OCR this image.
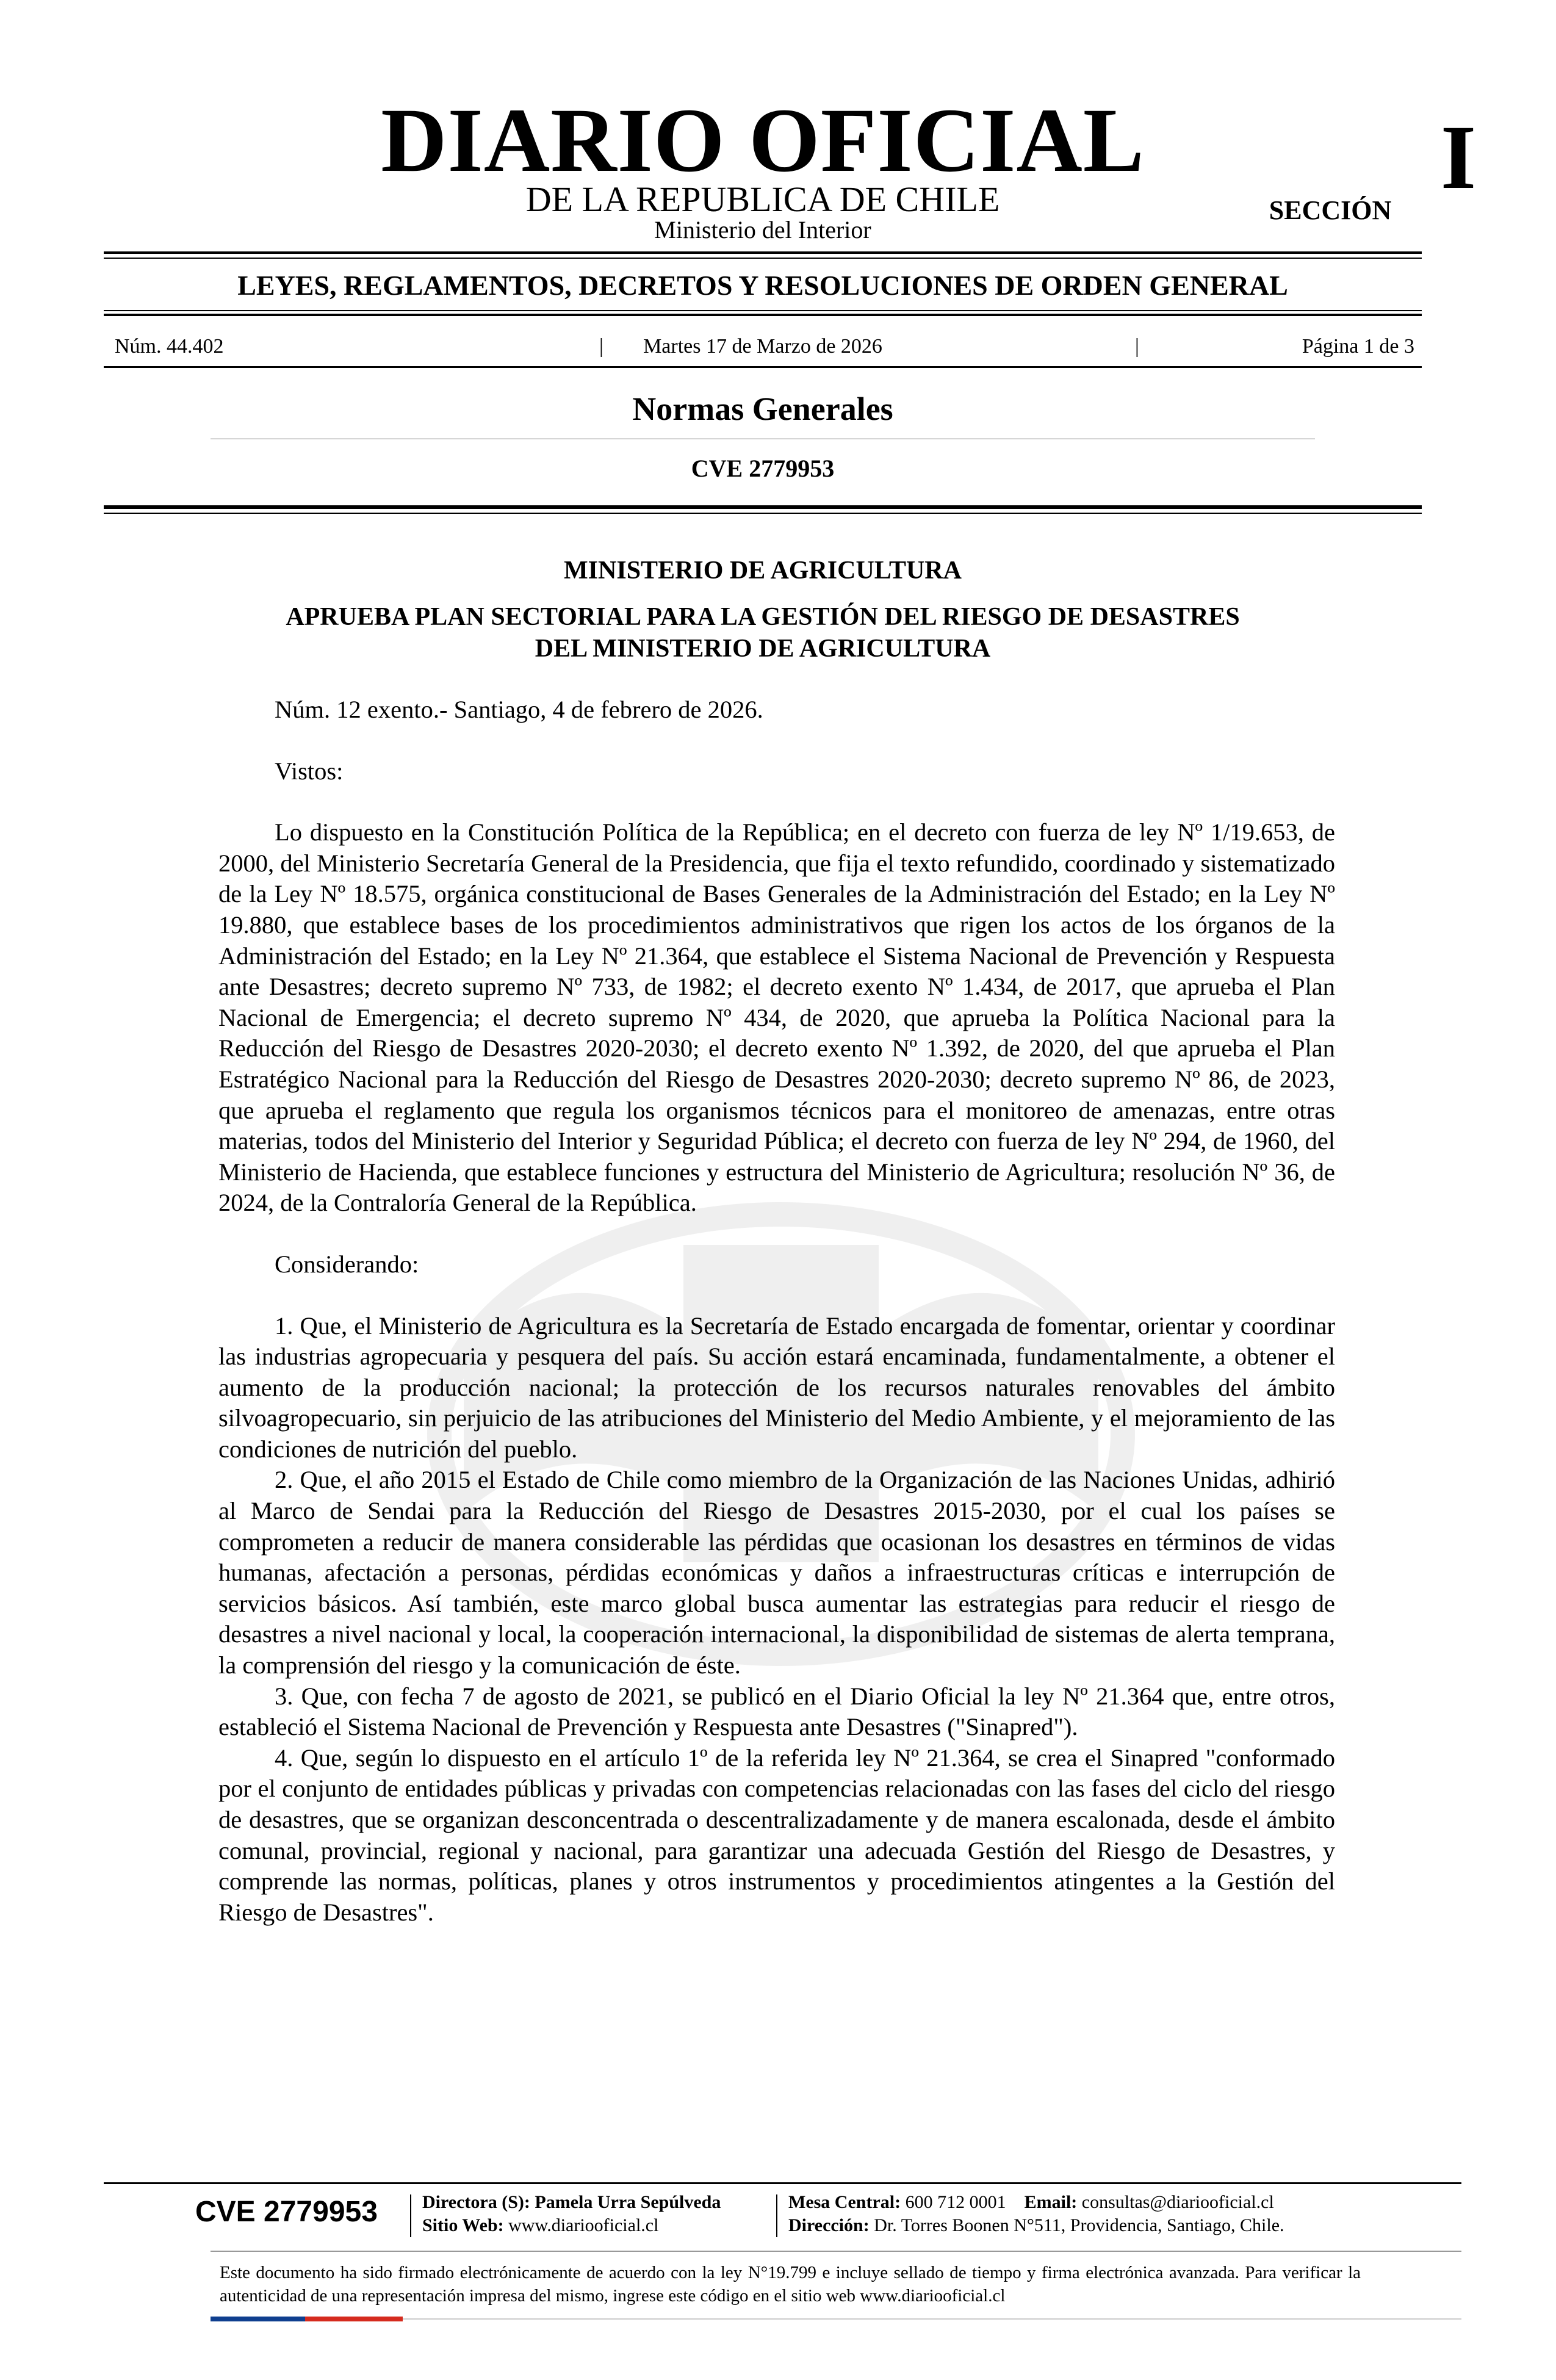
DIARIO OFICIAL
DE LA REPUBLICA DE CHILE
Ministerio del Interior
I
SECCIÓN
LEYES, REGLAMENTOS, DECRETOS Y RESOLUCIONES DE ORDEN GENERAL
Núm. 44.402	|	Martes 17 de Marzo de 2026	|	Página 1 de 3
Normas Generales
CVE 2779953
MINISTERIO DE AGRICULTURA
APRUEBA PLAN SECTORIAL PARA LA GESTIÓN DEL RIESGO DE DESASTRES
DEL MINISTERIO DE AGRICULTURA

Núm. 12 exento.- Santiago, 4 de febrero de 2026.

Vistos:

Lo dispuesto en la Constitución Política de la República; en el decreto con fuerza de ley Nº 1/19.653, de 2000, del Ministerio Secretaría General de la Presidencia, que fija el texto refundido, coordinado y sistematizado de la Ley Nº 18.575, orgánica constitucional de Bases Generales de la Administración del Estado; en la Ley Nº 19.880, que establece bases de los procedimientos administrativos que rigen los actos de los órganos de la Administración del Estado; en la Ley Nº 21.364, que establece el Sistema Nacional de Prevención y Respuesta ante Desastres; decreto supremo Nº 733, de 1982; el decreto exento Nº 1.434, de 2017, que aprueba el Plan Nacional de Emergencia; el decreto supremo Nº 434, de 2020, que aprueba la Política Nacional para la Reducción del Riesgo de Desastres 2020-2030; el decreto exento Nº 1.392, de 2020, del que aprueba el Plan Estratégico Nacional para la Reducción del Riesgo de Desastres 2020-2030; decreto supremo Nº 86, de 2023, que aprueba el reglamento que regula los organismos técnicos para el monitoreo de amenazas, entre otras materias, todos del Ministerio del Interior y Seguridad Pública; el decreto con fuerza de ley Nº 294, de 1960, del Ministerio de Hacienda, que establece funciones y estructura del Ministerio de Agricultura; resolución Nº 36, de 2024, de la Contraloría General de la República.

Considerando:

1. Que, el Ministerio de Agricultura es la Secretaría de Estado encargada de fomentar, orientar y coordinar las industrias agropecuaria y pesquera del país. Su acción estará encaminada, fundamentalmente, a obtener el aumento de la producción nacional; la protección de los recursos naturales renovables del ámbito silvoagropecuario, sin perjuicio de las atribuciones del Ministerio del Medio Ambiente, y el mejoramiento de las condiciones de nutrición del pueblo.

2. Que, el año 2015 el Estado de Chile como miembro de la Organización de las Naciones Unidas, adhirió al Marco de Sendai para la Reducción del Riesgo de Desastres 2015-2030, por el cual los países se comprometen a reducir de manera considerable las pérdidas que ocasionan los desastres en términos de vidas humanas, afectación a personas, pérdidas económicas y daños a infraestructuras críticas e interrupción de servicios básicos. Así también, este marco global busca aumentar las estrategias para reducir el riesgo de desastres a nivel nacional y local, la cooperación internacional, la disponibilidad de sistemas de alerta temprana, la comprensión del riesgo y la comunicación de éste.

3. Que, con fecha 7 de agosto de 2021, se publicó en el Diario Oficial la ley Nº 21.364 que, entre otros, estableció el Sistema Nacional de Prevención y Respuesta ante Desastres ("Sinapred").

4. Que, según lo dispuesto en el artículo 1º de la referida ley Nº 21.364, se crea el Sinapred "conformado por el conjunto de entidades públicas y privadas con competencias relacionadas con las fases del ciclo del riesgo de desastres, que se organizan desconcentrada o descentralizadamente y de manera escalonada, desde el ámbito comunal, provincial, regional y nacional, para garantizar una adecuada Gestión del Riesgo de Desastres, y comprende las normas, políticas, planes y otros instrumentos y procedimientos atingentes a la Gestión del Riesgo de Desastres".

CVE 2779953	Directora (S): Pamela Urra Sepúlveda
Sitio Web: www.diariooficial.cl
Mesa Central: 600 712 0001 Email: consultas@diariooficial.cl
Dirección: Dr. Torres Boonen N°511, Providencia, Santiago, Chile.
Este documento ha sido firmado electrónicamente de acuerdo con la ley N°19.799 e incluye sellado de tiempo y firma electrónica avanzada. Para verificar la autenticidad de una representación impresa del mismo, ingrese este código en el sitio web www.diariooficial.cl
